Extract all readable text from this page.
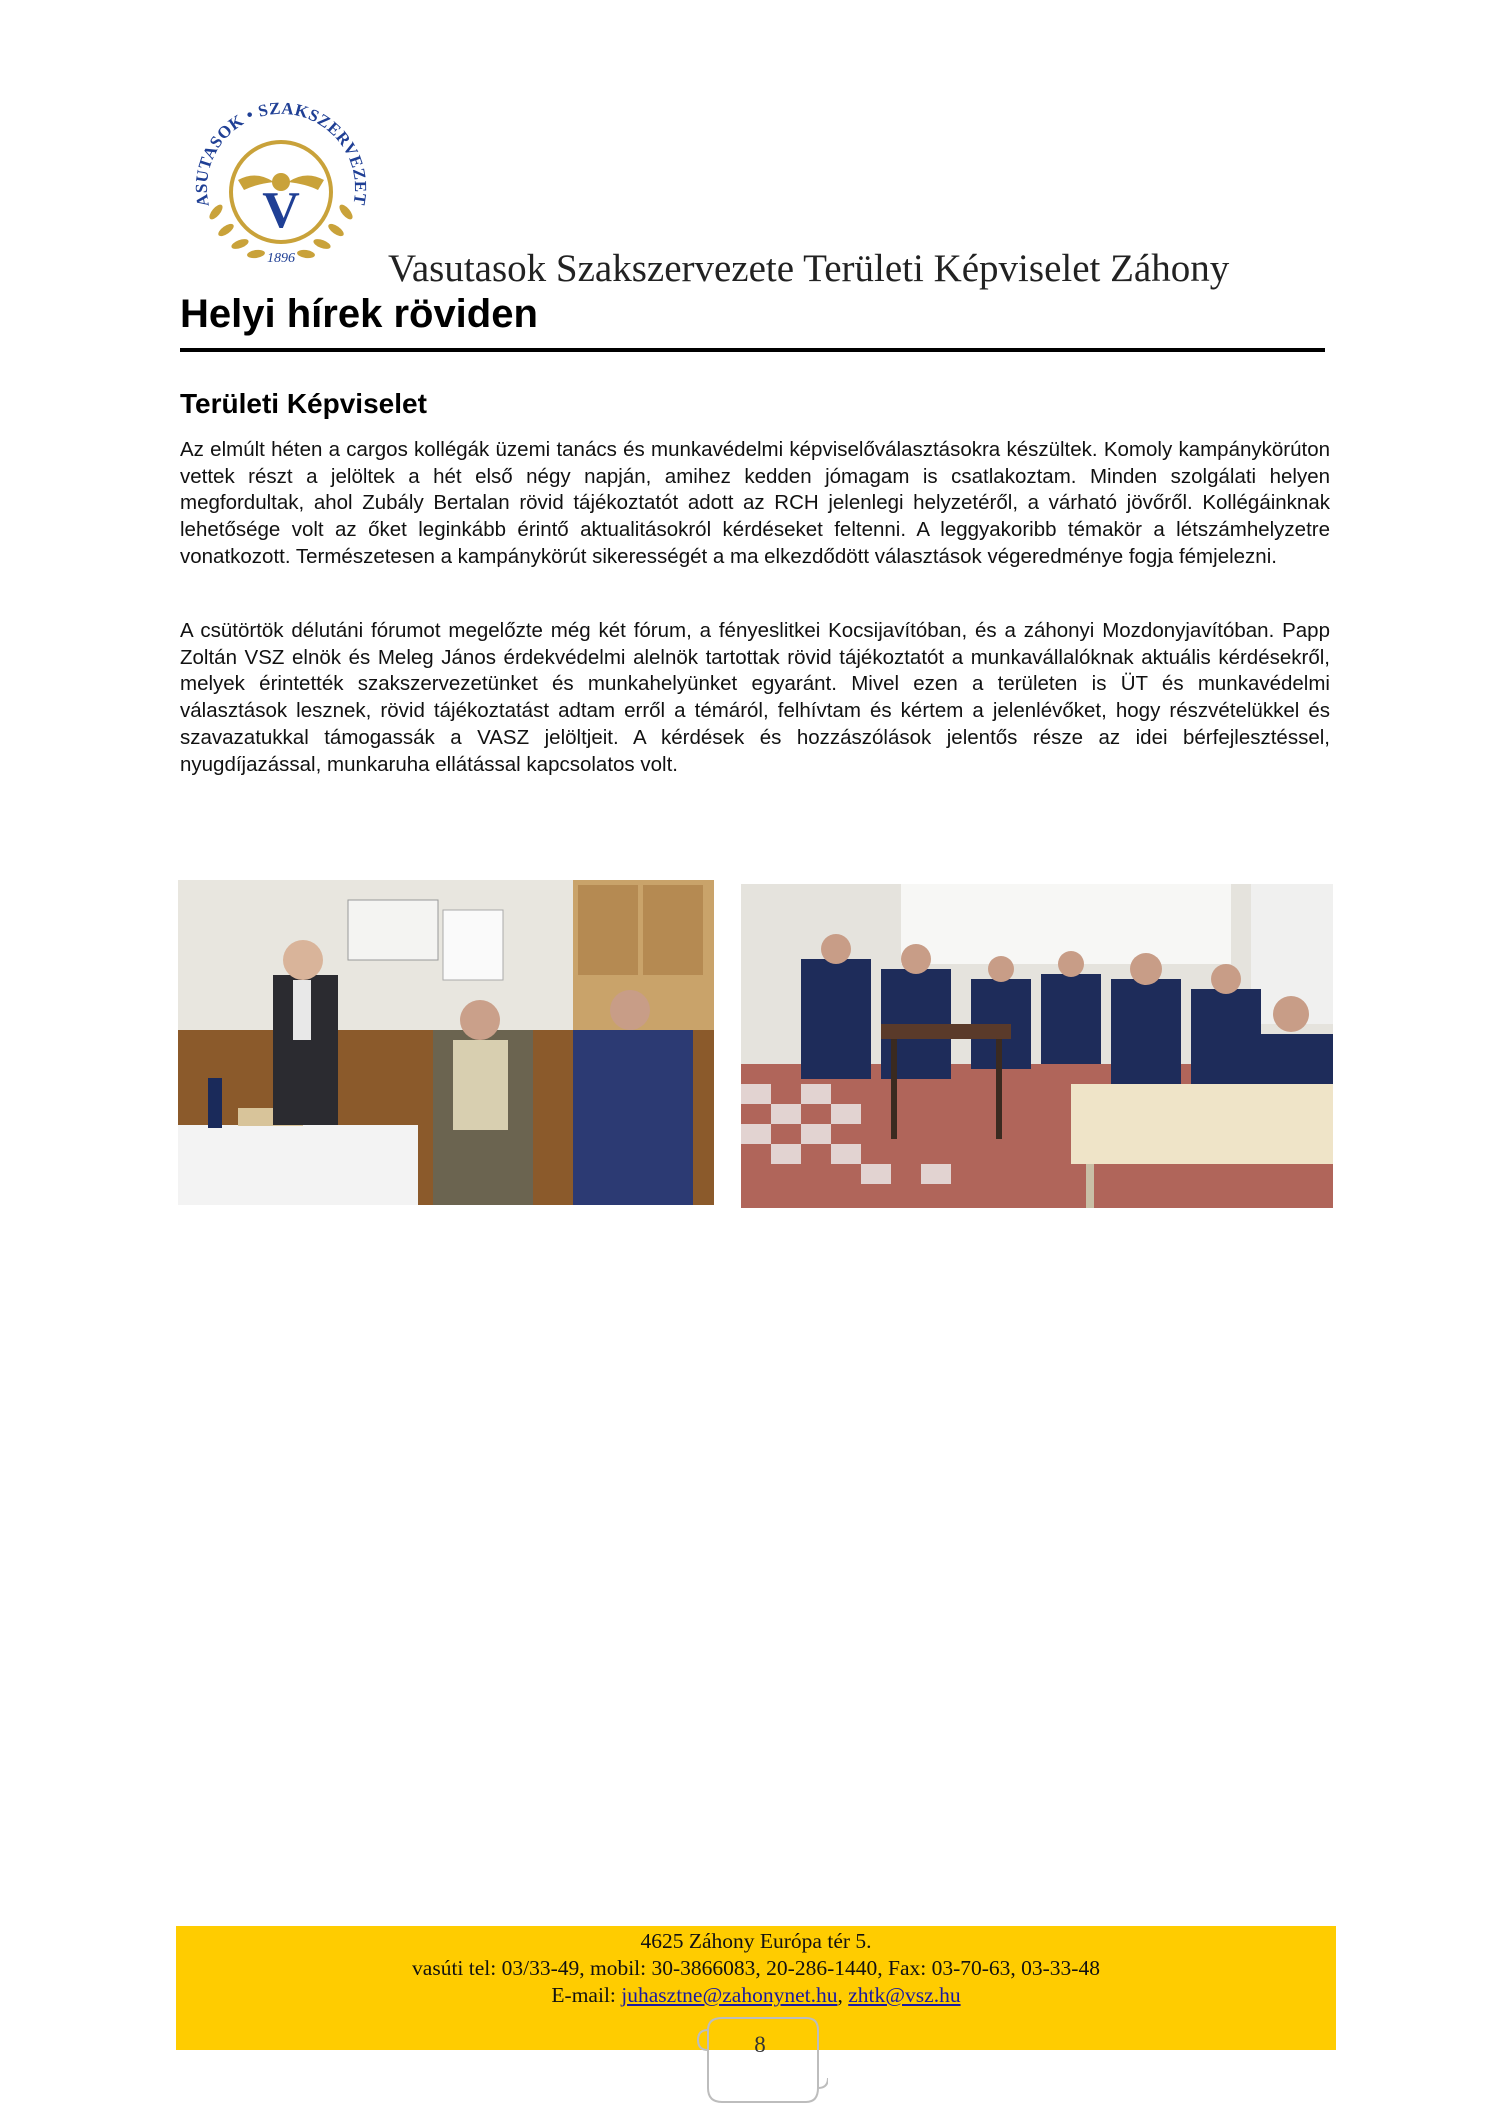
ASUTASOK • SZAKSZERVEZET
V
1896 Vasutasok Szakszervezete Területi Képviselet Záhony
Helyi hírek röviden
Területi Képviselet

Az elmúlt héten a cargos kollégák üzemi tanács és munkavédelmi képviselőválasztásokra készültek. Komoly kampánykörúton vettek részt a jelöltek a hét első négy napján, amihez kedden jómagam is csatlakoztam. Minden szolgálati helyen megfordultak, ahol Zubály Bertalan rövid tájékoztatót adott az RCH jelenlegi helyzetéről, a várható jövőről. Kollégáinknak lehetősége volt az őket leginkább érintő aktualitásokról kérdéseket feltenni. A leggyakoribb témakör a létszámhelyzetre vonatkozott. Természetesen a kampánykörút sikerességét a ma elkezdődött választások végeredménye fogja fémjelezni.

A csütörtök délutáni fórumot megelőzte még két fórum, a fényeslitkei Kocsijavítóban, és a záhonyi Mozdonyjavítóban. Papp Zoltán VSZ elnök és Meleg János érdekvédelmi alelnök tartottak rövid tájékoztatót a munkavállalóknak aktuális kérdésekről, melyek érintették szakszervezetünket és munkahelyünket egyaránt. Mivel ezen a területen is ÜT és munkavédelmi választások lesznek, rövid tájékoztatást adtam erről a témáról, felhívtam és kértem a jelenlévőket, hogy részvételükkel és szavazatukkal támogassák a VASZ jelöltjeit. A kérdések és hozzászólások jelentős része az idei bérfejlesztéssel, nyugdíjazással, munkaruha ellátással kapcsolatos volt.

4625 Záhony Európa tér 5.
vasúti tel: 03/33-49, mobil: 30-3866083, 20-286-1440, Fax: 03-70-63, 03-33-48
E-mail: juhasztne@zahonynet.hu, zhtk@vsz.hu
8
